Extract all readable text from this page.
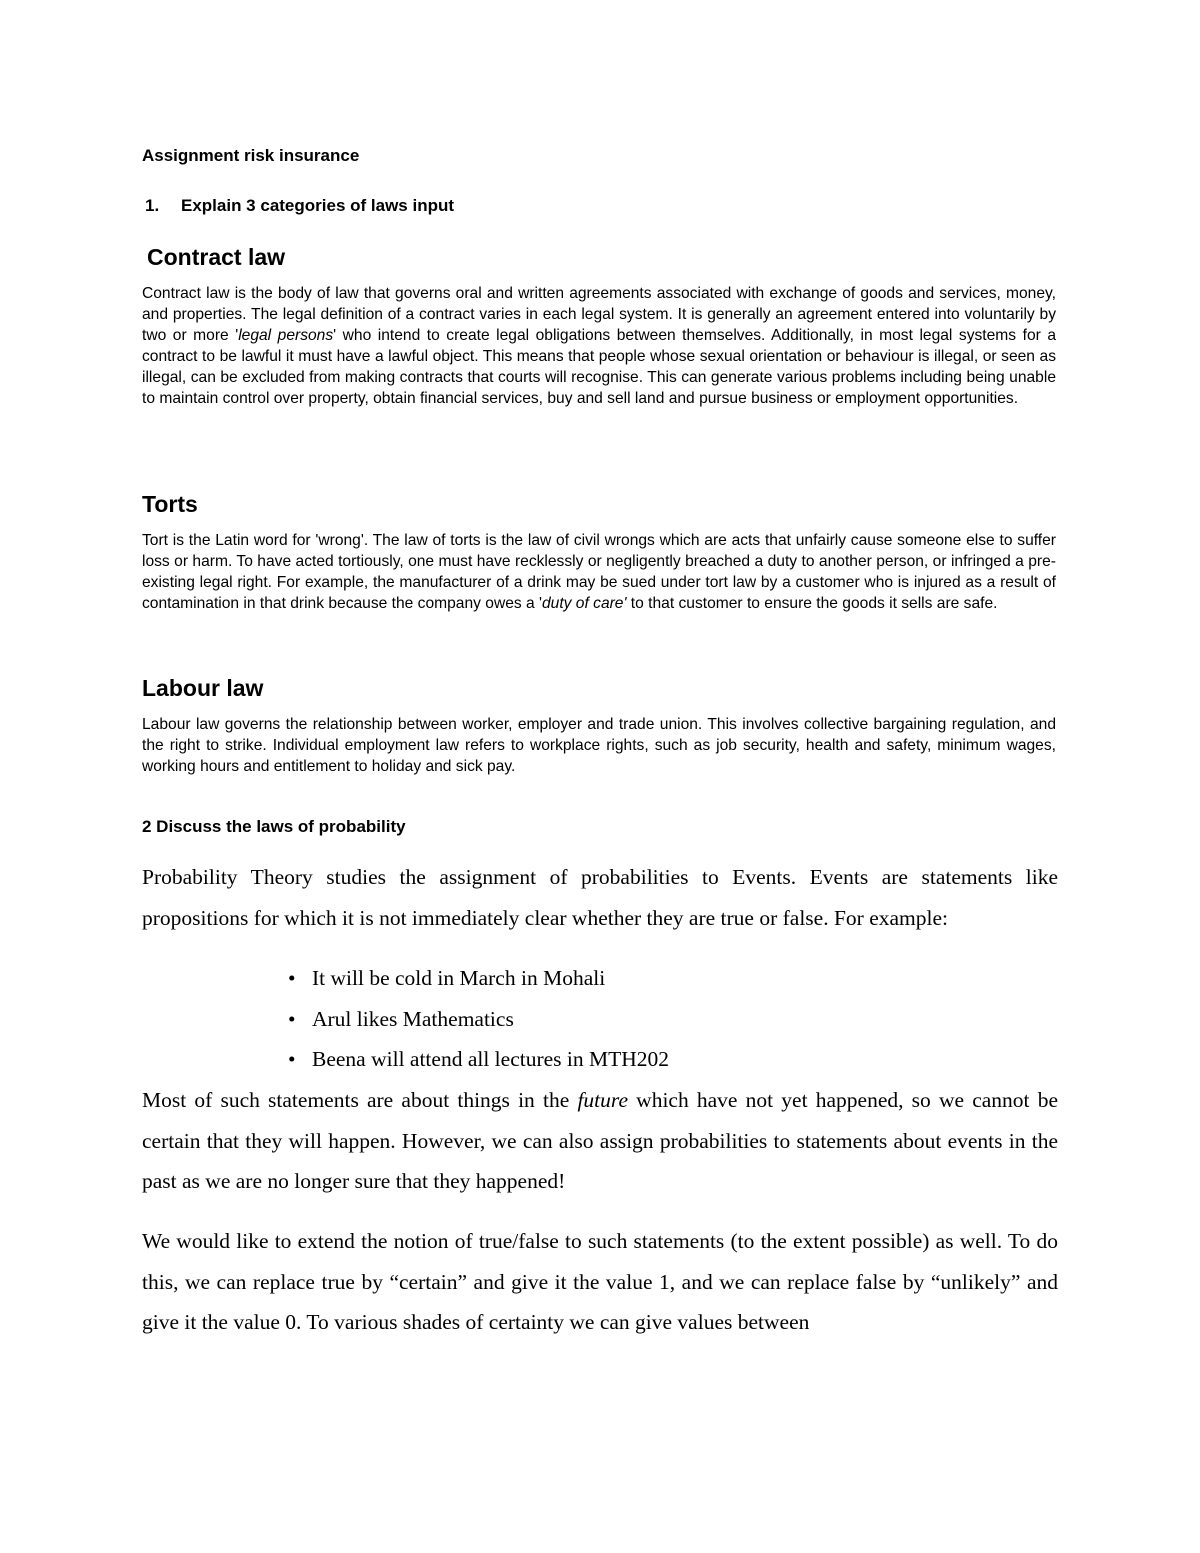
Assignment risk insurance
1. Explain 3 categories of laws input
Contract law
Contract law is the body of law that governs oral and written agreements associated with exchange of goods and services, money, and properties. The legal definition of a contract varies in each legal system. It is generally an agreement entered into voluntarily by two or more 'legal persons' who intend to create legal obligations between themselves. Additionally, in most legal systems for a contract to be lawful it must have a lawful object. This means that people whose sexual orientation or behaviour is illegal, or seen as illegal, can be excluded from making contracts that courts will recognise. This can generate various problems including being unable to maintain control over property, obtain financial services, buy and sell land and pursue business or employment opportunities.
Torts
Tort is the Latin word for 'wrong'. The law of torts is the law of civil wrongs which are acts that unfairly cause someone else to suffer loss or harm. To have acted tortiously, one must have recklessly or negligently breached a duty to another person, or infringed a pre-existing legal right. For example, the manufacturer of a drink may be sued under tort law by a customer who is injured as a result of contamination in that drink because the company owes a 'duty of care' to that customer to ensure the goods it sells are safe.
Labour law
Labour law governs the relationship between worker, employer and trade union. This involves collective bargaining regulation, and the right to strike. Individual employment law refers to workplace rights, such as job security, health and safety, minimum wages, working hours and entitlement to holiday and sick pay.
2 Discuss the laws of probability
Probability Theory studies the assignment of probabilities to Events. Events are statements like propositions for which it is not immediately clear whether they are true or false. For example:
• It will be cold in March in Mohali
• Arul likes Mathematics
• Beena will attend all lectures in MTH202
Most of such statements are about things in the future which have not yet happened, so we cannot be certain that they will happen. However, we can also assign probabilities to statements about events in the past as we are no longer sure that they happened!
We would like to extend the notion of true/false to such statements (to the extent possible) as well. To do this, we can replace true by “certain” and give it the value 1, and we can replace false by “unlikely” and give it the value 0. To various shades of certainty we can give values between
